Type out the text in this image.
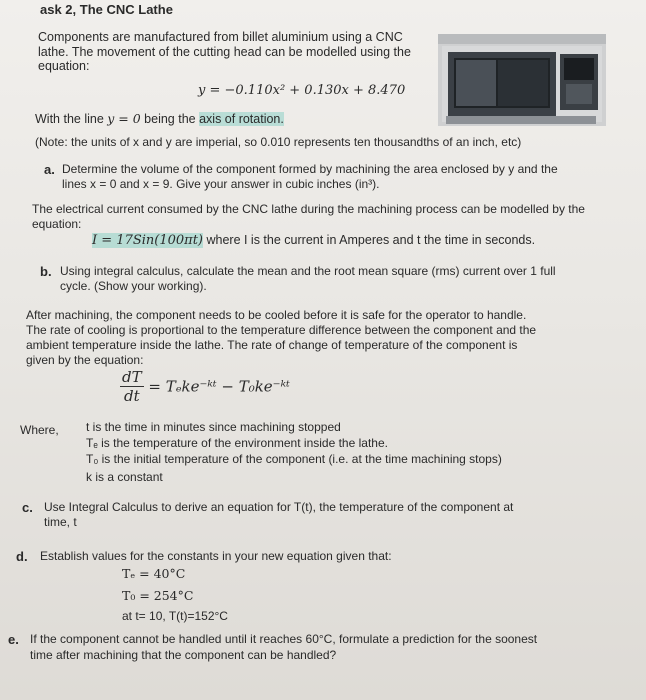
ask 2, The CNC Lathe
Components are manufactured from billet aluminium using a CNC
lathe. The movement of the cutting head can be modelled using the
equation:
y = −0.110x² + 0.130x + 8.470
With the line y = 0 being the axis of rotation.
(Note: the units of x and y are imperial, so 0.010 represents ten thousandths of an inch, etc)
a. Determine the volume of the component formed by machining the area enclosed by y and the
lines x = 0 and x = 9. Give your answer in cubic inches (in³).
The electrical current consumed by the CNC lathe during the machining process can be modelled by the
equation:
I = 17Sin(100πt) where I is the current in Amperes and t the time in seconds.
b. Using integral calculus, calculate the mean and the root mean square (rms) current over 1 full
cycle. (Show your working).
After machining, the component needs to be cooled before it is safe for the operator to handle.
The rate of cooling is proportional to the temperature difference between the component and the
ambient temperature inside the lathe. The rate of change of temperature of the component is
given by the equation:
$\frac{dT}{dt}$ = Tₑke⁻ᵏᵗ − T₀ke⁻ᵏᵗ
Where, t is the time in minutes since machining stopped
Tₑ is the temperature of the environment inside the lathe.
T₀ is the initial temperature of the component (i.e. at the time machining stops)
k is a constant
c. Use Integral Calculus to derive an equation for T(t), the temperature of the component at
time, t
d. Establish values for the constants in your new equation given that:
Tₑ = 40°C
T₀ = 254°C
at t= 10, T(t)=152°C
e. If the component cannot be handled until it reaches 60°C, formulate a prediction for the soonest
time after machining that the component can be handled?
